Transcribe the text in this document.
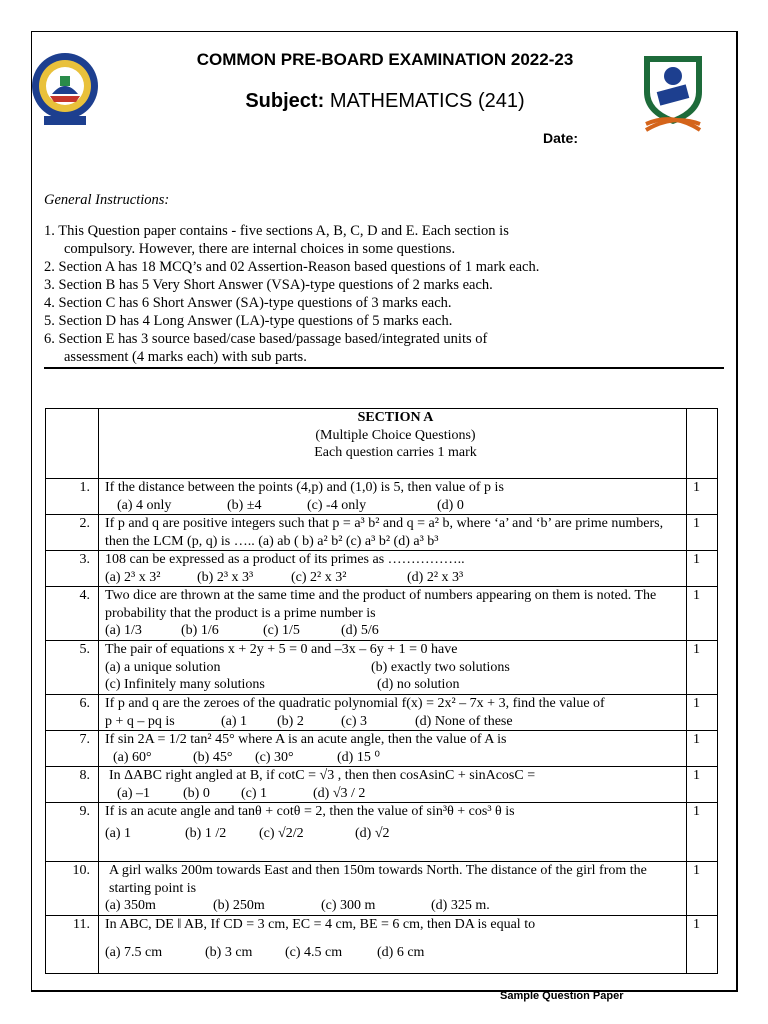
COMMON PRE-BOARD EXAMINATION 2022-23
Subject: MATHEMATICS (241)
Date:
General Instructions:
1. This Question paper contains - five sections A, B, C, D and E. Each section is
compulsory. However, there are internal choices in some questions.
2. Section A has 18 MCQ’s and 02 Assertion-Reason based questions of 1 mark each.
3. Section B has 5 Very Short Answer (VSA)-type questions of 2 marks each.
4. Section C has 6 Short Answer (SA)-type questions of 3 marks each.
5. Section D has 4 Long Answer (LA)-type questions of 5 marks each.
6. Section E has 3 source based/case based/passage based/integrated units of
assessment (4 marks each) with sub parts.

	SECTION A
(Multiple Choice Questions)
Each question carries 1 mark	

1.	If the distance between the points (4,p) and (1,0) is 5, then value of p is
(a) 4 only (b) ±4 (c) -4 only (d) 0	1
2.	If p and q are positive integers such that p = a³ b² and q = a² b, where ‘a’ and ‘b’ are prime numbers, then the LCM (p, q) is ….. (a) ab ( b) a² b² (c) a³ b² (d) a³ b³	1
3.	108 can be expressed as a product of its primes as ……………..
(a) 2³ x 3² (b) 2³ x 3³ (c) 2² x 3² (d) 2² x 3³	1
4.	Two dice are thrown at the same time and the product of numbers appearing on them is noted. The probability that the product is a prime number is
(a) 1/3 (b) 1/6 (c) 1/5 (d) 5/6	1
5.	The pair of equations x + 2y + 5 = 0 and –3x – 6y + 1 = 0 have
(a) a unique solution (b) exactly two solutions
(c) Infinitely many solutions (d) no solution	1
6.	If p and q are the zeroes of the quadratic polynomial f(x) = 2x² – 7x + 3, find the value of
p + q – pq is (a) 1 (b) 2 (c) 3 (d) None of these	1
7.	If sin 2A = 1/2 tan² 45° where A is an acute angle, then the value of A is
(a) 60° (b) 45° (c) 30° (d) 15 ⁰	1
8.	In ΔABC right angled at B, if cotC = √3 , then then cosAsinC + sinAcosC =
(a) –1 (b) 0 (c) 1 (d) √3 / 2	1
9.	If is an acute angle and tanθ + cotθ = 2, then the value of sin³θ + cos³ θ is
(a) 1 (b) 1 /2 (c) √2/2 (d) √2	1
10.	A girl walks 200m towards East and then 150m towards North. The distance of the girl from the starting point is
(a) 350m (b) 250m (c) 300 m (d) 325 m.	1
11.	In ABC, DE ǁ AB, If CD = 3 cm, EC = 4 cm, BE = 6 cm, then DA is equal to
(a) 7.5 cm (b) 3 cm (c) 4.5 cm (d) 6 cm	1
Sample Question Paper
